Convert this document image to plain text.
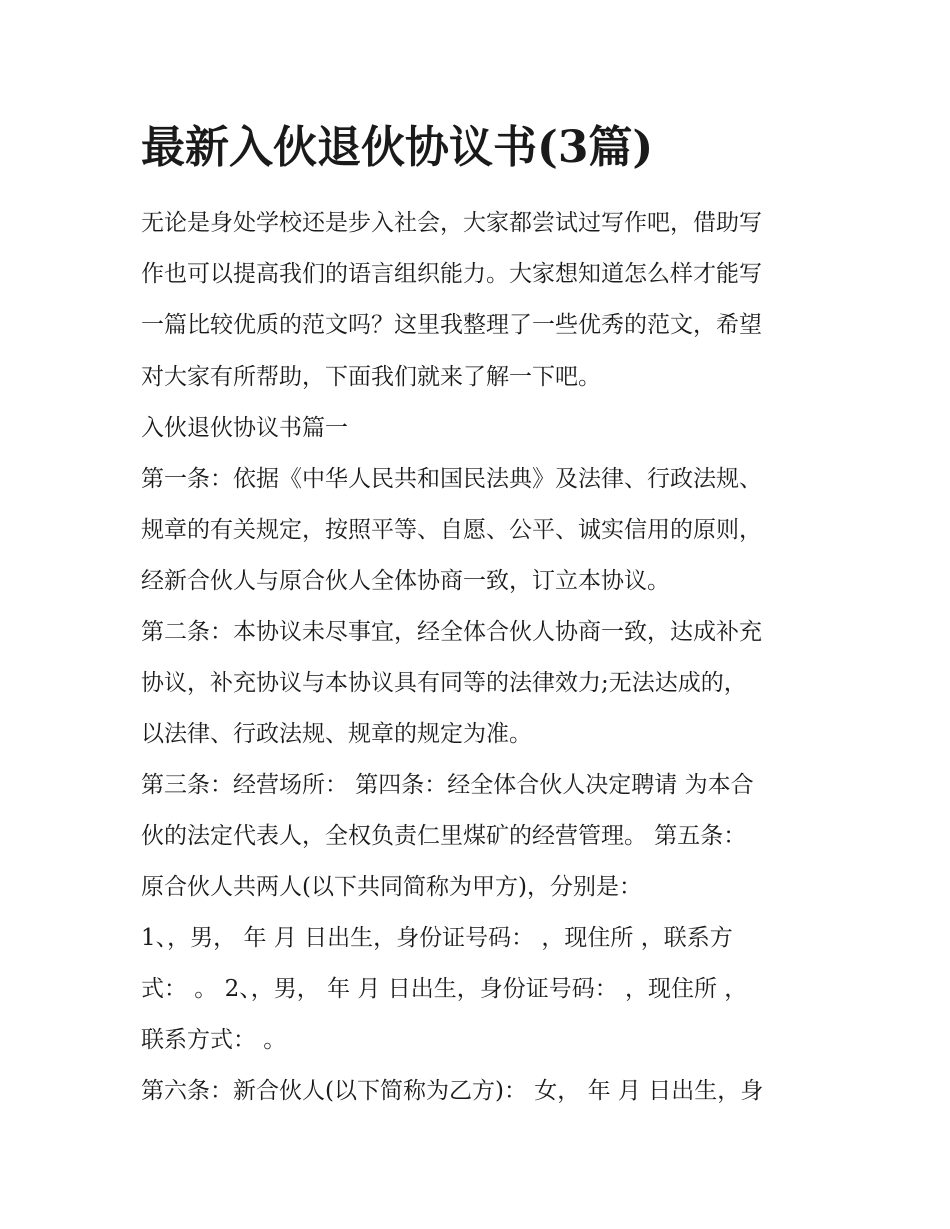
最新入伙退伙协议书(3篇)

无论是身处学校还是步入社会，大家都尝试过写作吧，借助写

作也可以提高我们的语言组织能力。大家想知道怎么样才能写

一篇比较优质的范文吗？这里我整理了一些优秀的范文，希望

对大家有所帮助，下面我们就来了解一下吧。

入伙退伙协议书篇一

第一条：依据《中华人民共和国民法典》及法律、行政法规、

规章的有关规定，按照平等、自愿、公平、诚实信用的原则，

经新合伙人与原合伙人全体协商一致，订立本协议。

第二条：本协议未尽事宜，经全体合伙人协商一致，达成补充

协议，补充协议与本协议具有同等的法律效力;无法达成的，

以法律、行政法规、规章的规定为准。

第三条：经营场所： 第四条：经全体合伙人决定聘请 为本合

伙的法定代表人，全权负责仁里煤矿的经营管理。 第五条：

原合伙人共两人(以下共同简称为甲方)，分别是：

1、，男， 年 月 日出生，身份证号码： ，现住所 ，联系方

式： 。 2、，男， 年 月 日出生，身份证号码： ，现住所 ，

联系方式： 。

第六条：新合伙人(以下简称为乙方)： 女， 年 月 日出生，身
